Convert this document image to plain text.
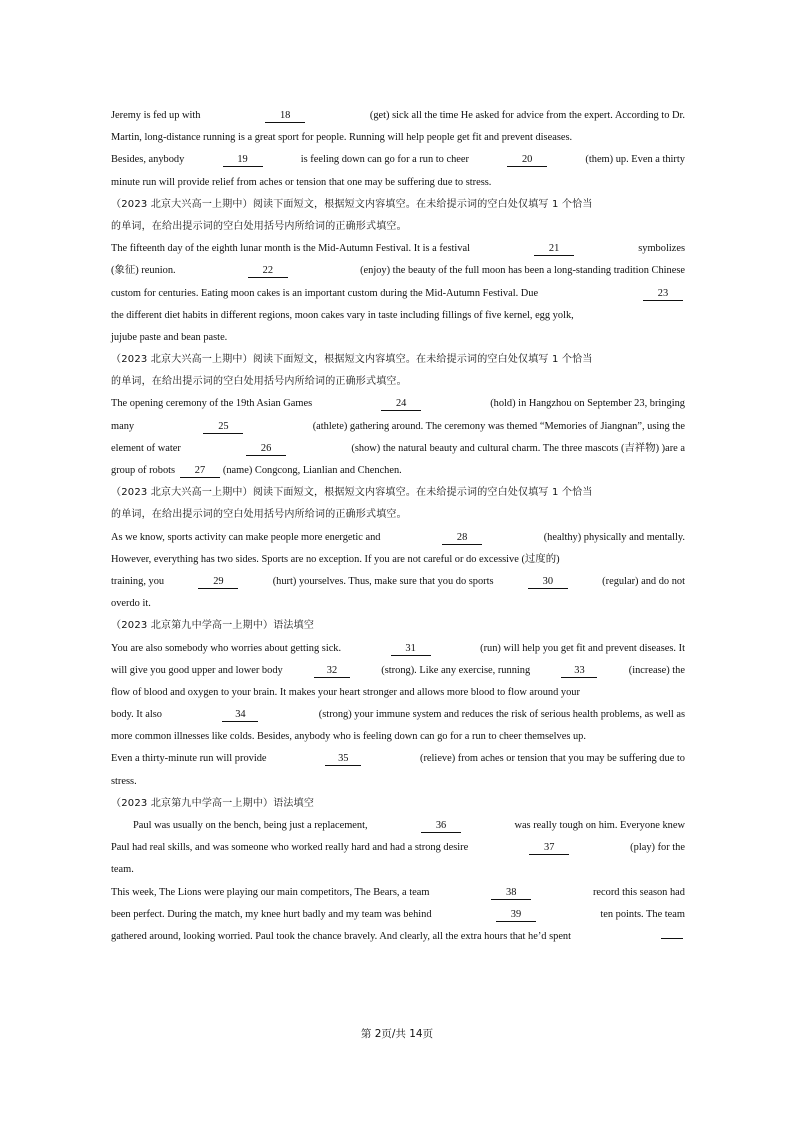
Jeremy is fed up with	18	(get) sick all the time He asked for advice from the expert. According to Dr.
Martin, long-distance running is a great sport for people. Running will help people get fit and prevent diseases.
Besides, anybody	19	is feeling down can go for a run to cheer	20	(them) up. Even a thirty
minute run will provide relief from aches or tension that one may be suffering due to stress.
（2023 北京大兴高一上期中）阅读下面短文，根据短文内容填空。在未给提示词的空白处仅填写 1 个恰当
的单词，在给出提示词的空白处用括号内所给词的正确形式填空。
The fifteenth day of the eighth lunar month is the Mid-Autumn Festival. It is a festival	21	symbolizes
(象征) reunion.	22	(enjoy) the beauty of the full moon has been a long-standing tradition Chinese
custom for centuries. Eating moon cakes is an important custom during the Mid-Autumn Festival. Due	23
the different diet habits in different regions, moon cakes vary in taste including fillings of five kernel, egg yolk,
jujube paste and bean paste.
（2023 北京大兴高一上期中）阅读下面短文，根据短文内容填空。在未给提示词的空白处仅填写 1 个恰当
的单词，在给出提示词的空白处用括号内所给词的正确形式填空。
The opening ceremony of the 19th Asian Games	24	(hold) in Hangzhou on September 23, bringing
many	25	(athlete) gathering around. The ceremony was themed “Memories of Jiangnan”, using the
element of water	26	(show) the natural beauty and cultural charm. The three mascots (吉祥物) )are a
group of robots	27	(name) Congcong, Lianlian and Chenchen.
（2023 北京大兴高一上期中）阅读下面短文，根据短文内容填空。在未给提示词的空白处仅填写 1 个恰当
的单词，在给出提示词的空白处用括号内所给词的正确形式填空。
As we know, sports activity can make people more energetic and	28	(healthy) physically and mentally.
However, everything has two sides. Sports are no exception. If you are not careful or do excessive (过度的)
training, you	29	(hurt) yourselves. Thus, make sure that you do sports	30	(regular) and do not
overdo it.
（2023 北京第九中学高一上期中）语法填空
You are also somebody who worries about getting sick.	31	(run) will help you get fit and prevent diseases. It
will give you good upper and lower body	32	(strong). Like any exercise, running	33	(increase) the
flow of blood and oxygen to your brain. It makes your heart stronger and allows more blood to flow around your
body. It also	34	(strong) your immune system and reduces the risk of serious health problems, as well as
more common illnesses like colds. Besides, anybody who is feeling down can go for a run to cheer themselves up.
Even a thirty-minute run will provide	35	(relieve) from aches or tension that you may be suffering due to
stress.
（2023 北京第九中学高一上期中）语法填空
Paul was usually on the bench, being just a replacement,	36	was really tough on him. Everyone knew
Paul had real skills, and was someone who worked really hard and had a strong desire	37	(play) for the
team.
This week, The Lions were playing our main competitors, The Bears, a team	38	record this season had
been perfect. During the match, my knee hurt badly and my team was behind	39	ten points. The team
gathered around, looking worried. Paul took the chance bravely. And clearly, all the extra hours that he’d spent
第 2页/共 14页
